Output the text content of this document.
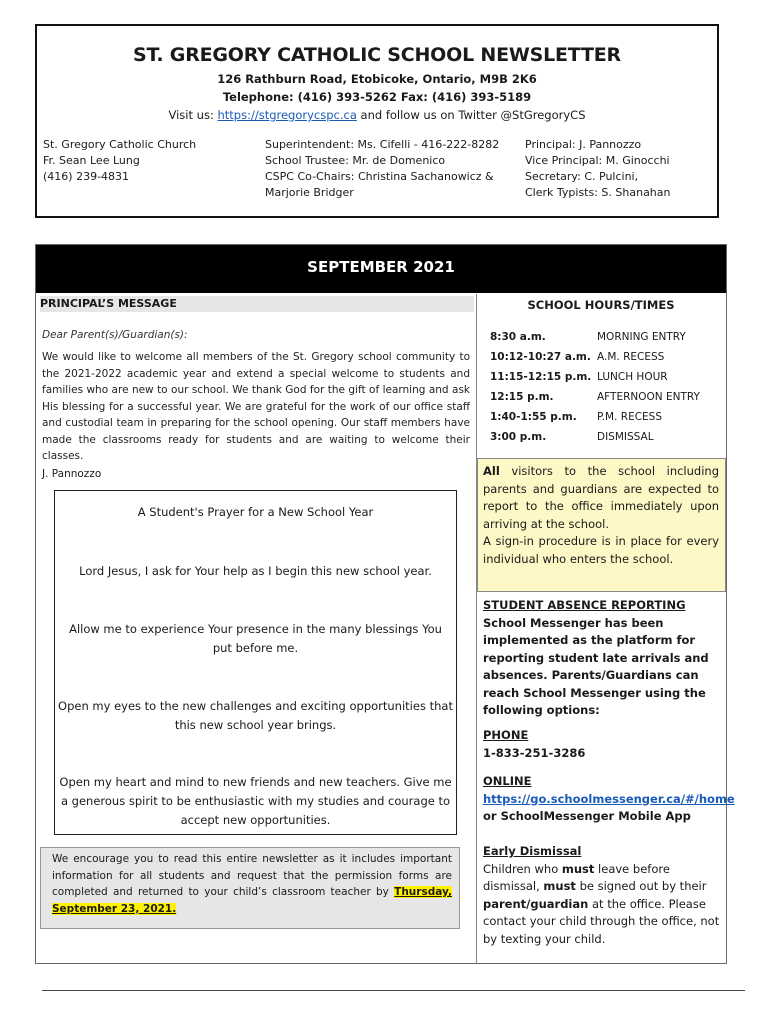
ST. GREGORY CATHOLIC SCHOOL NEWSLETTER
126 Rathburn Road, Etobicoke, Ontario, M9B 2K6
Telephone: (416) 393-5262 Fax: (416) 393-5189
Visit us: https://stgregorycspc.ca and follow us on Twitter @StGregoryCS
St. Gregory Catholic Church
Fr. Sean Lee Lung
(416) 239-4831
Superintendent: Ms. Cifelli - 416-222-8282
School Trustee: Mr. de Domenico
CSPC Co-Chairs: Christina Sachanowicz &
Marjorie Bridger
Principal: J. Pannozzo
Vice Principal: M. Ginocchi
Secretary: C. Pulcini,
Clerk Typists: S. Shanahan
SEPTEMBER 2021
PRINCIPAL’S MESSAGE
Dear Parent(s)/Guardian(s):
We would like to welcome all members of the St. Gregory school community to the 2021-2022 academic year and extend a special welcome to students and families who are new to our school. We thank God for the gift of learning and ask His blessing for a successful year. We are grateful for the work of our office staff and custodial team in preparing for the school opening. Our staff members have made the classrooms ready for students and are waiting to welcome their classes.
J. Pannozzo
A Student's Prayer for a New School Year
Lord Jesus, I ask for Your help as I begin this new school year.
Allow me to experience Your presence in the many blessings You put before me.
Open my eyes to the new challenges and exciting opportunities that this new school year brings.
Open my heart and mind to new friends and new teachers. Give me a generous spirit to be enthusiastic with my studies and courage to accept new opportunities.
We encourage you to read this entire newsletter as it includes important information for all students and request that the permission forms are completed and returned to your child’s classroom teacher by Thursday, September 23, 2021.
SCHOOL HOURS/TIMES
8:30 a.m.	MORNING ENTRY
10:12-10:27 a.m. A.M. RECESS
11:15-12:15 p.m. LUNCH HOUR
12:15 p.m.	AFTERNOON ENTRY
1:40-1:55 p.m. P.M. RECESS
3:00 p.m.	DISMISSAL
All visitors to the school including parents and guardians are expected to report to the office immediately upon arriving at the school.
A sign-in procedure is in place for every individual who enters the school.
STUDENT ABSENCE REPORTING
School Messenger has been implemented as the platform for reporting student late arrivals and absences. Parents/Guardians can reach School Messenger using the following options:
PHONE
1-833-251-3286
ONLINE
https://go.schoolmessenger.ca/#/home
or SchoolMessenger Mobile App
Early Dismissal
Children who must leave before dismissal, must be signed out by their parent/guardian at the office. Please contact your child through the office, not by texting your child.
